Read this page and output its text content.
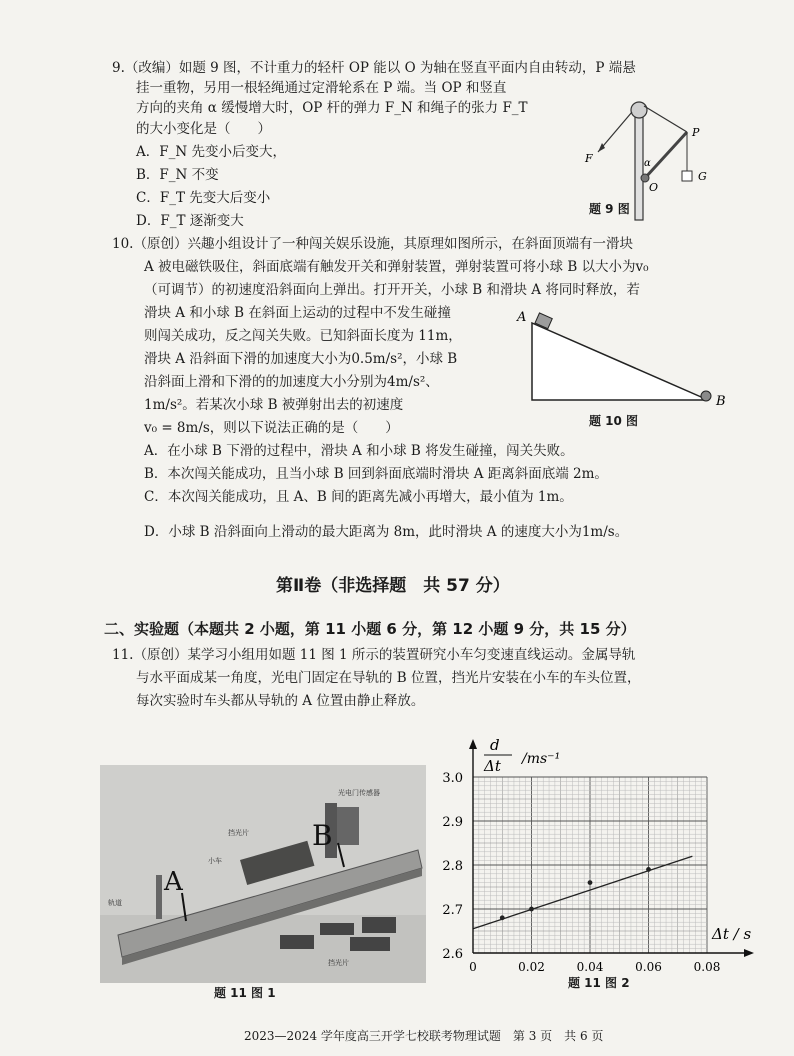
9.（改编）如题 9 图，不计重力的轻杆 OP 能以 O 为轴在竖直平面内自由转动，P 端悬
挂一重物，另用一根轻绳通过定滑轮系在 P 端。当 OP 和竖直
方向的夹角 α 缓慢增大时，OP 杆的弹力 F_N 和绳子的张力 F_T
的大小变化是（　　）
A．F_N 先变小后变大，
B．F_N 不变
C．F_T 先变大后变小
D．F_T 逐渐变大
F
P
G
O
α
题 9 图
10.（原创）兴趣小组设计了一种闯关娱乐设施，其原理如图所示，在斜面顶端有一滑块
A 被电磁铁吸住，斜面底端有触发开关和弹射装置，弹射装置可将小球 B 以大小为v₀
（可调节）的初速度沿斜面向上弹出。打开开关，小球 B 和滑块 A 将同时释放，若
滑块 A 和小球 B 在斜面上运动的过程中不发生碰撞
则闯关成功，反之闯关失败。已知斜面长度为 11m，
滑块 A 沿斜面下滑的加速度大小为0.5m/s²，小球 B
沿斜面上滑和下滑的的加速度大小分别为4m/s²、
1m/s²。若某次小球 B 被弹射出去的初速度
v₀ = 8m/s，则以下说法正确的是（　　）
A．在小球 B 下滑的过程中，滑块 A 和小球 B 将发生碰撞，闯关失败。
B．本次闯关能成功，且当小球 B 回到斜面底端时滑块 A 距离斜面底端 2m。
C．本次闯关能成功，且 A、B 间的距离先减小再增大，最小值为 1m。
D．小球 B 沿斜面向上滑动的最大距离为 8m，此时滑块 A 的速度大小为1m/s。
A
B
题 10 图
第Ⅱ卷（非选择题　共 57 分）
二、实验题（本题共 2 小题，第 11 小题 6 分，第 12 小题 9 分，共 15 分）
11.（原创）某学习小组用如题 11 图 1 所示的装置研究小车匀变速直线运动。金属导轨
与水平面成某一角度，光电门固定在导轨的 B 位置，挡光片安装在小车的车头位置，
每次实验时车头都从导轨的 A 位置由静止释放。
A
B
光电门传感器
挡光片
小车
轨道
挡光片
题 11 图 1
2.6
2.7
2.8
2.9
3.0
0	0.02	0.04	0.06	0.08
d
Δt /ms⁻¹
Δt / s
题 11 图 2
2023—2024 学年度高三开学七校联考物理试题　第 3 页　共 6 页
